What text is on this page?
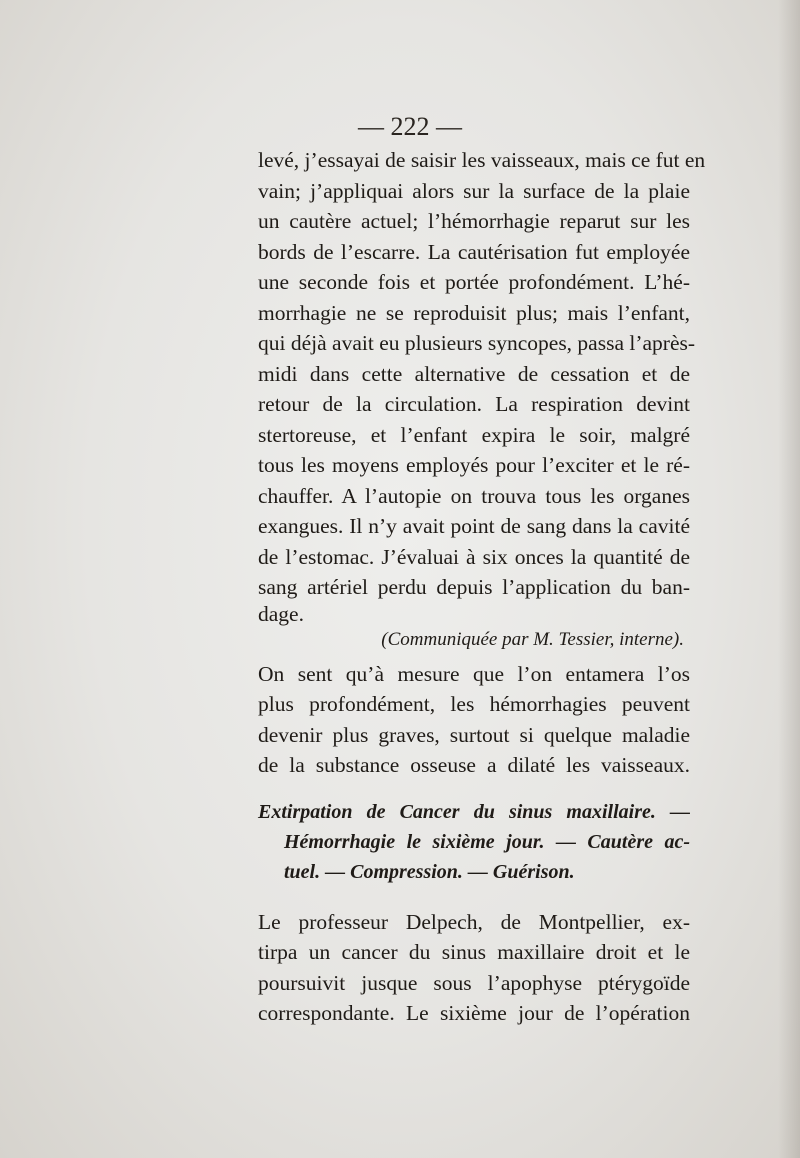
— 222 —
levé, j’essayai de saisir les vaisseaux, mais ce fut en
vain; j’appliquai alors sur la surface de la plaie
un cautère actuel; l’hémorrhagie reparut sur les
bords de l’escarre. La cautérisation fut employée
une seconde fois et portée profondément. L’hé-
morrhagie ne se reproduisit plus; mais l’enfant,
qui déjà avait eu plusieurs syncopes, passa l’après-
midi dans cette alternative de cessation et de
retour de la circulation. La respiration devint
stertoreuse, et l’enfant expira le soir, malgré
tous les moyens employés pour l’exciter et le ré-
chauffer. A l’autopie on trouva tous les organes
exangues. Il n’y avait point de sang dans la cavité
de l’estomac. J’évaluai à six onces la quantité de
sang artériel perdu depuis l’application du ban-
dage.
(Communiquée par M. Tessier, interne).
On sent qu’à mesure que l’on entamera l’os
plus profondément, les hémorrhagies peuvent
devenir plus graves, surtout si quelque maladie
de la substance osseuse a dilaté les vaisseaux.
Extirpation de Cancer du sinus maxillaire. —
Hémorrhagie le sixième jour. — Cautère ac-
tuel. — Compression. — Guérison.
Le professeur Delpech, de Montpellier, ex-
tirpa un cancer du sinus maxillaire droit et le
poursuivit jusque sous l’apophyse ptérygoïde
correspondante. Le sixième jour de l’opération
